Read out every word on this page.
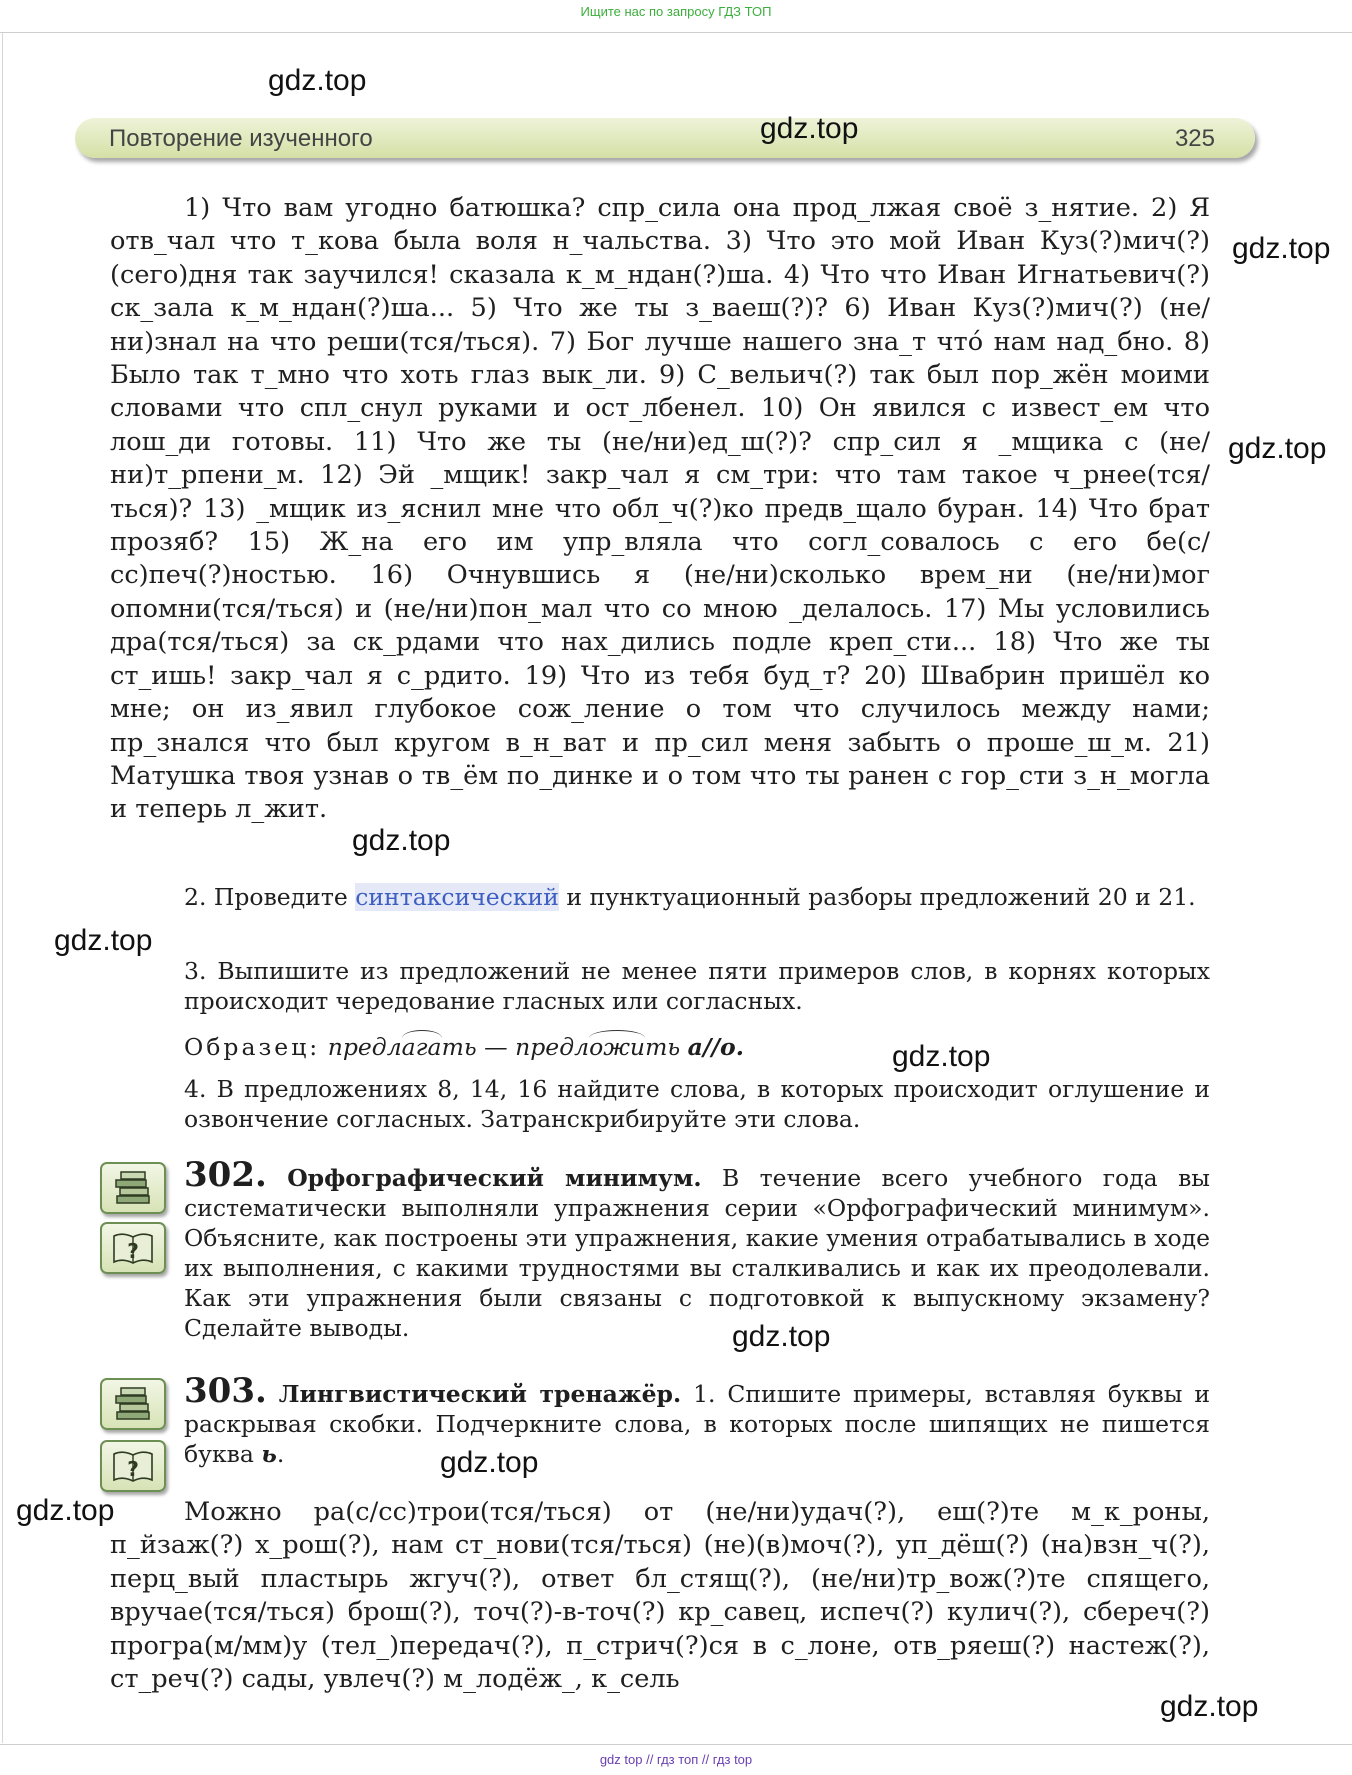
Ищите нас по запросу ГДЗ ТОП
Повторение изученного	325

1) Что вам угодно батюшка? спр_сила она прод_лжая своё з_нятие. 2) Я отв_чал что т_кова была воля н_чальства. 3) Что это мой Иван Куз(?)мич(?) (сего)дня так заучился! сказала к_м_ндан(?)ша. 4) Что что Иван Игнатьевич(?) ск_зала к_м_ндан(?)ша... 5) Что же ты з_ваеш(?)? 6) Иван Куз(?)мич(?) (не/ни)знал на что реши(тся/ться). 7) Бог лучше нашего зна_т что́ нам над_бно. 8) Было так т_мно что хоть глаз вык_ли. 9) С_вельич(?) так был пор_жён моими словами что спл_снул руками и ост_лбенел. 10) Он явился с извест_ем что лош_ди готовы. 11) Что же ты (не/ни)ед_ш(?)? спр_сил я _мщика с (не/ни)т_рпени_м. 12) Эй _мщик! закр_чал я см_три: что там такое ч_рнее(тся/ться)? 13) _мщик из_яснил мне что обл_ч(?)ко предв_щало буран. 14) Что брат прозяб? 15) Ж_на его им упр_вляла что согл_совалось с его бе(с/сс)печ(?)ностью. 16) Очнувшись я (не/ни)сколько врем_ни (не/ни)мог опомни(тся/ться) и (не/ни)пон_мал что со мною _делалось. 17) Мы условились дра(тся/ться) за ск_рдами что нах_дились подле креп_сти... 18) Что же ты ст_ишь! закр_чал я с_рдито. 19) Что из тебя буд_т? 20) Швабрин пришёл ко мне; он из_явил глубокое сож_ление о том что случилось между нами; пр_знался что был кругом в_н_ват и пр_сил меня забыть о проше_ш_м. 21) Матушка твоя узнав о тв_ём по_динке и о том что ты ранен с гор_сти з_н_могла и теперь л_жит.

2. Проведите синтаксический и пунктуационный разборы предложений 20 и 21.

3. Выпишите из предложений не менее пяти примеров слов, в корнях которых происходит чередование гласных или согласных.

Образец: предлагать — предложить а//о.

4. В предложениях 8, 14, 16 найдите слова, в которых происходит оглушение и озвончение согласных. Затранскрибируйте эти слова.

?

302. Орфографический минимум. В течение всего учебного года вы систематически выполняли упражнения серии «Орфографический минимум». Объясните, как построены эти упражнения, какие умения отрабатывались в ходе их выполнения, с какими трудностями вы сталкивались и как их преодолевали. Как эти упражнения были связаны с подготовкой к выпускному экзамену? Сделайте выводы.

?

303. Лингвистический тренажёр. 1. Спишите примеры, вставляя буквы и раскрывая скобки. Подчеркните слова, в которых после шипящих не пишется буква ь.

Можно ра(с/сс)трои(тся/ться) от (не/ни)удач(?), еш(?)те м_к_роны, п_йзаж(?) х_рош(?), нам ст_нови(тся/ться) (не)(в)моч(?), уп_дёш(?) (на)взн_ч(?), перц_вый пластырь жгуч(?), ответ бл_стящ(?), (не/ни)тр_вож(?)те спящего, вручае(тся/ться) брош(?), точ(?)-в-точ(?) кр_савец, испеч(?) кулич(?), сбереч(?) програ(м/мм)у (тел_)передач(?), п_стрич(?)ся в с_лоне, отв_ряеш(?) настеж(?), ст_реч(?) сады, увлеч(?) м_лодёж_, к_сель

gdz.top
gdz.top
gdz.top
gdz.top
gdz.top
gdz.top
gdz.top
gdz.top
gdz.top
gdz.top
gdz.top
gdz top // гдз топ // гдз top
